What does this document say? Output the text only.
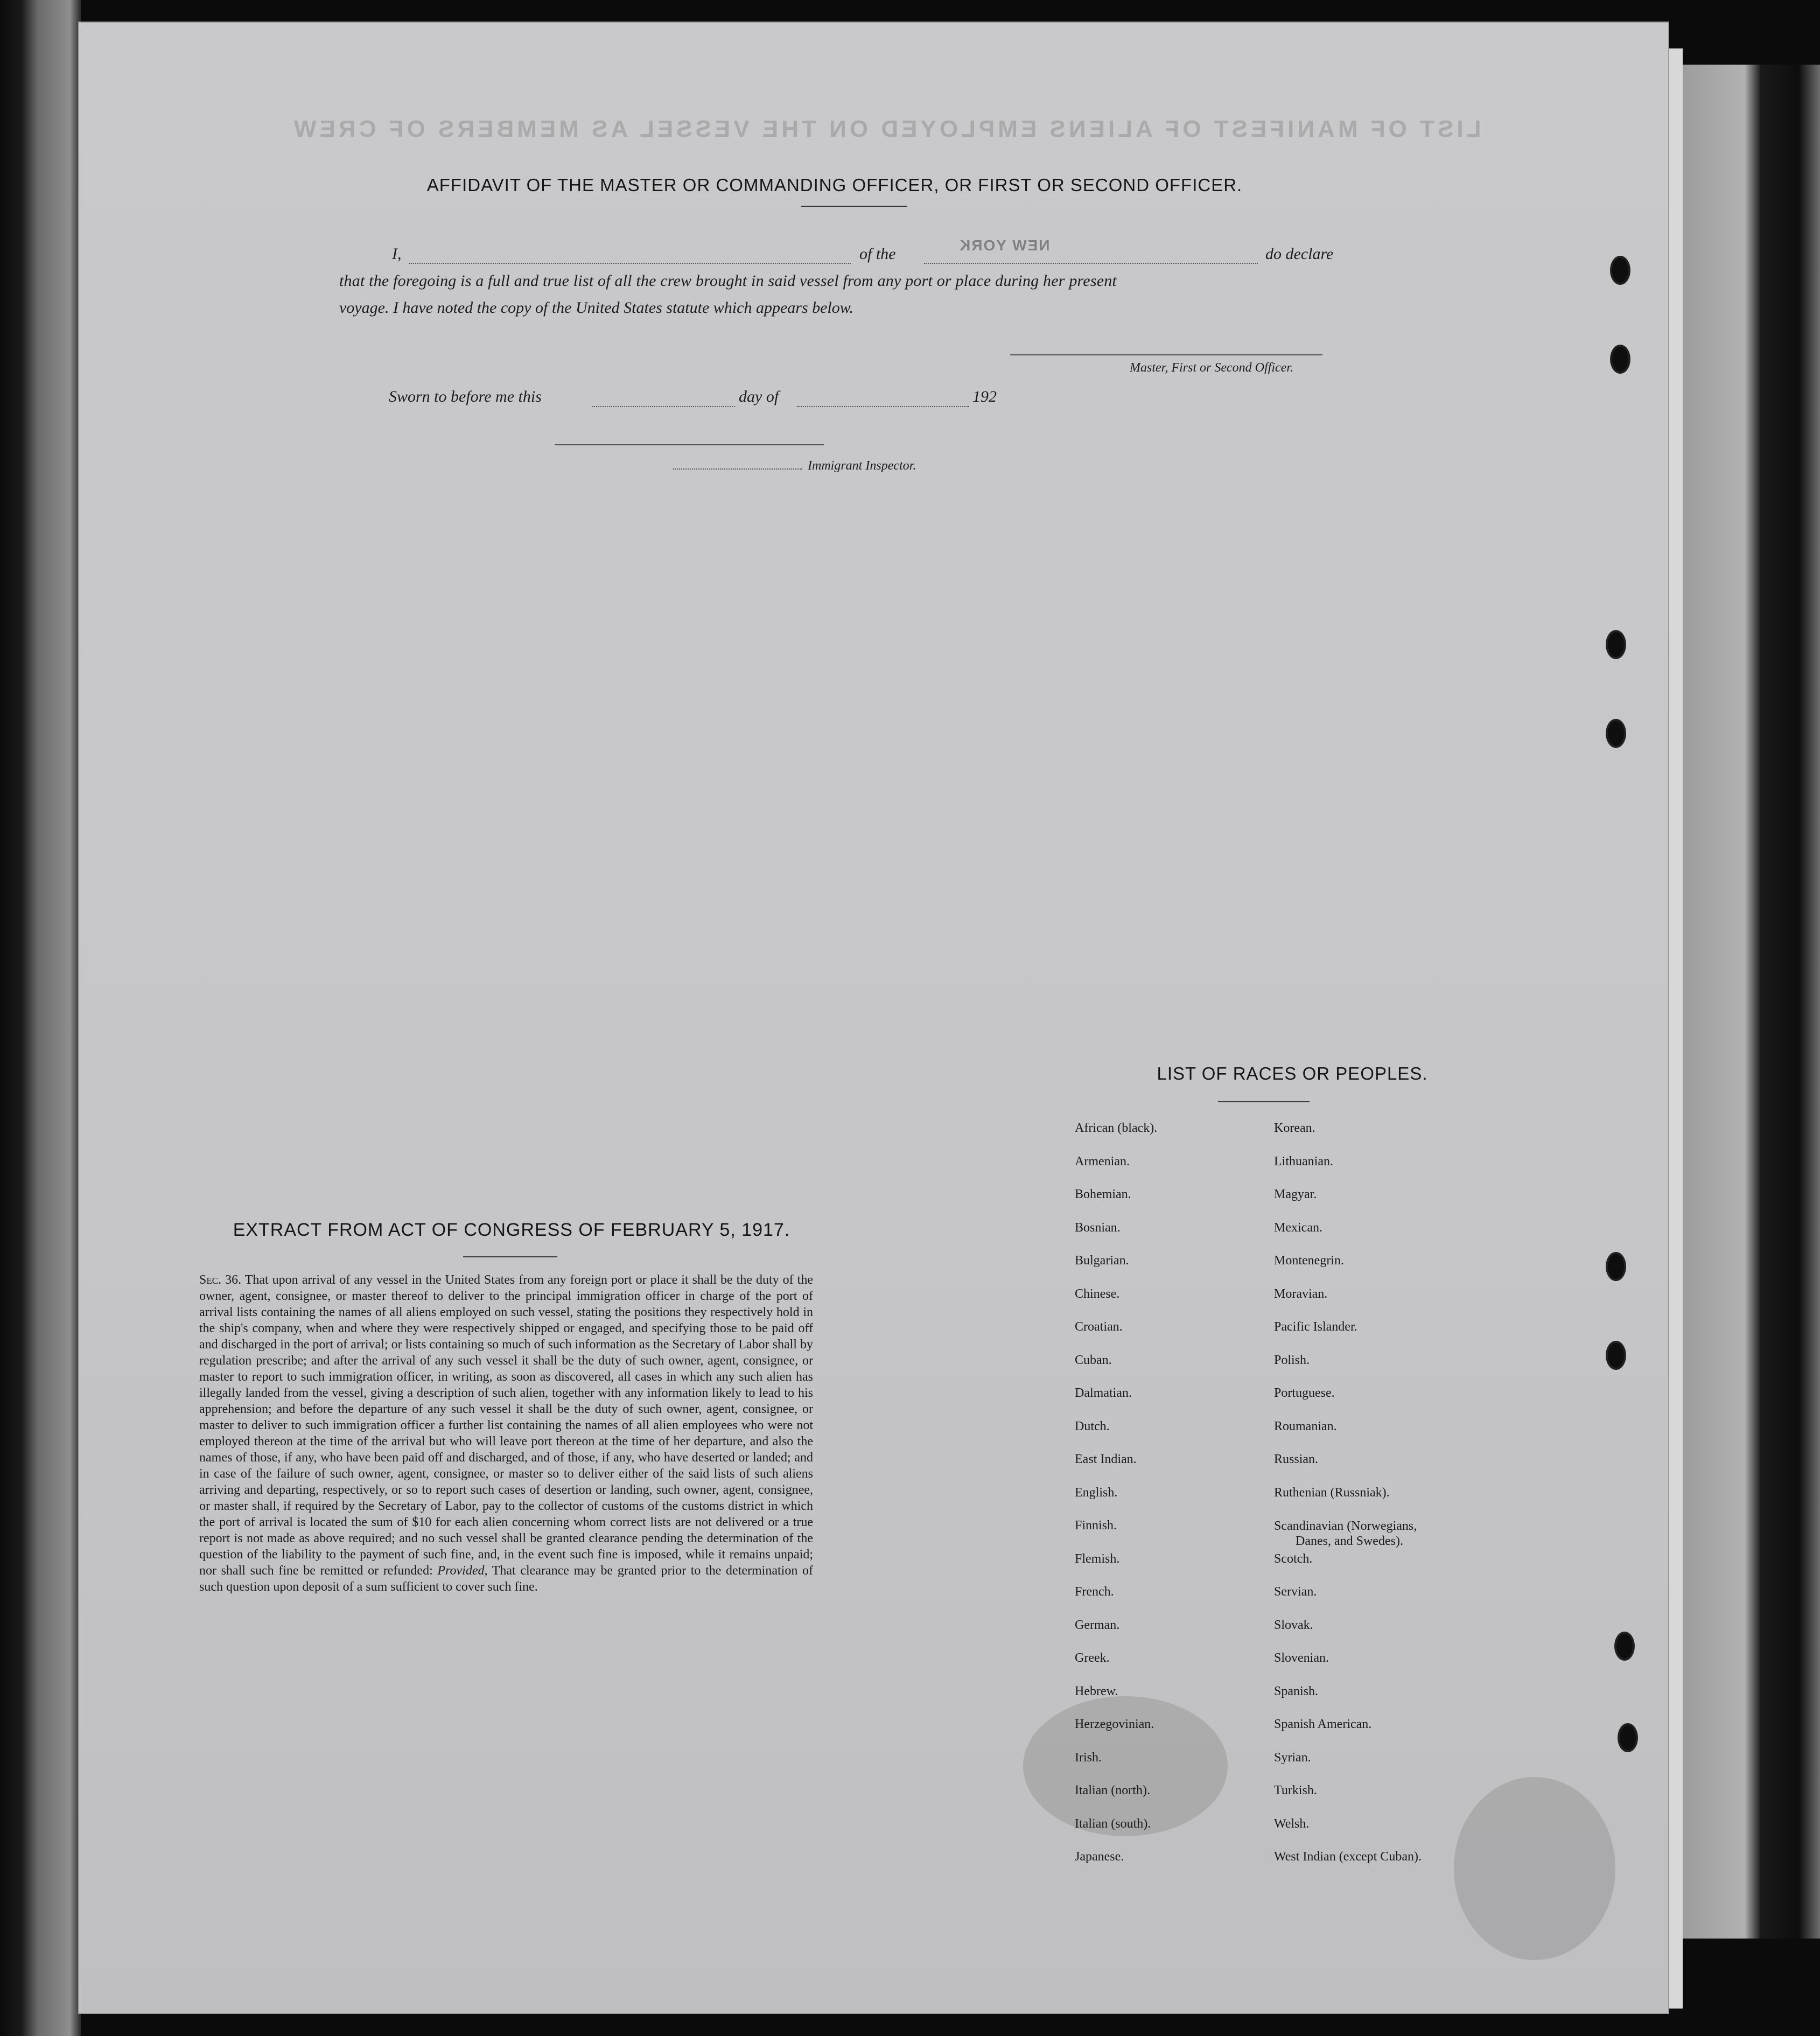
LIST OF MANIFEST OF ALIENS EMPLOYED ON THE VESSEL AS MEMBERS OF CREW
AFFIDAVIT OF THE MASTER OR COMMANDING OFFICER, OR FIRST OR SECOND OFFICER.
I,	of the	NEW YORK	do declare
that the foregoing is a full and true list of all the crew brought in said vessel from any port or place during her present
voyage. I have noted the copy of the United States statute which appears below.
Master, First or Second Officer.
Sworn to before me this	day of	192
Immigrant Inspector.
EXTRACT FROM ACT OF CONGRESS OF FEBRUARY 5, 1917.
Sec. 36. That upon arrival of any vessel in the United States from any foreign port or place it shall be the duty of the owner, agent, consignee, or master thereof to deliver to the principal immigration officer in charge of the port of arrival lists containing the names of all aliens employed on such vessel, stating the positions they respectively hold in the ship's company, when and where they were respectively shipped or engaged, and specifying those to be paid off and discharged in the port of arrival; or lists containing so much of such information as the Secretary of Labor shall by regulation prescribe; and after the arrival of any such vessel it shall be the duty of such owner, agent, consignee, or master to report to such immigration officer, in writing, as soon as discovered, all cases in which any such alien has illegally landed from the vessel, giving a description of such alien, together with any information likely to lead to his apprehension; and before the departure of any such vessel it shall be the duty of such owner, agent, consignee, or master to deliver to such immigration officer a further list containing the names of all alien employees who were not employed thereon at the time of the arrival but who will leave port thereon at the time of her departure, and also the names of those, if any, who have been paid off and discharged, and of those, if any, who have deserted or landed; and in case of the failure of such owner, agent, consignee, or master so to deliver either of the said lists of such aliens arriving and departing, respectively, or so to report such cases of desertion or landing, such owner, agent, consignee, or master shall, if required by the Secretary of Labor, pay to the collector of customs of the customs district in which the port of arrival is located the sum of $10 for each alien concerning whom correct lists are not delivered or a true report is not made as above required; and no such vessel shall be granted clearance pending the determination of the question of the liability to the payment of such fine, and, in the event such fine is imposed, while it remains unpaid; nor shall such fine be remitted or refunded: Provided, That clearance may be granted prior to the determination of such question upon deposit of a sum sufficient to cover such fine.
LIST OF RACES OR PEOPLES.
African (black).
Armenian.
Bohemian.
Bosnian.
Bulgarian.
Chinese.
Croatian.
Cuban.
Dalmatian.
Dutch.
East Indian.
English.
Finnish.
Flemish.
French.
German.
Greek.
Hebrew.
Herzegovinian.
Irish.
Italian (north).
Italian (south).
Japanese.
Korean.
Lithuanian.
Magyar.
Mexican.
Montenegrin.
Moravian.
Pacific Islander.
Polish.
Portuguese.
Roumanian.
Russian.
Ruthenian (Russniak).
Scandinavian (Norwegians,
Danes, and Swedes).
Scotch.
Servian.
Slovak.
Slovenian.
Spanish.
Spanish American.
Syrian.
Turkish.
Welsh.
West Indian (except Cuban).
